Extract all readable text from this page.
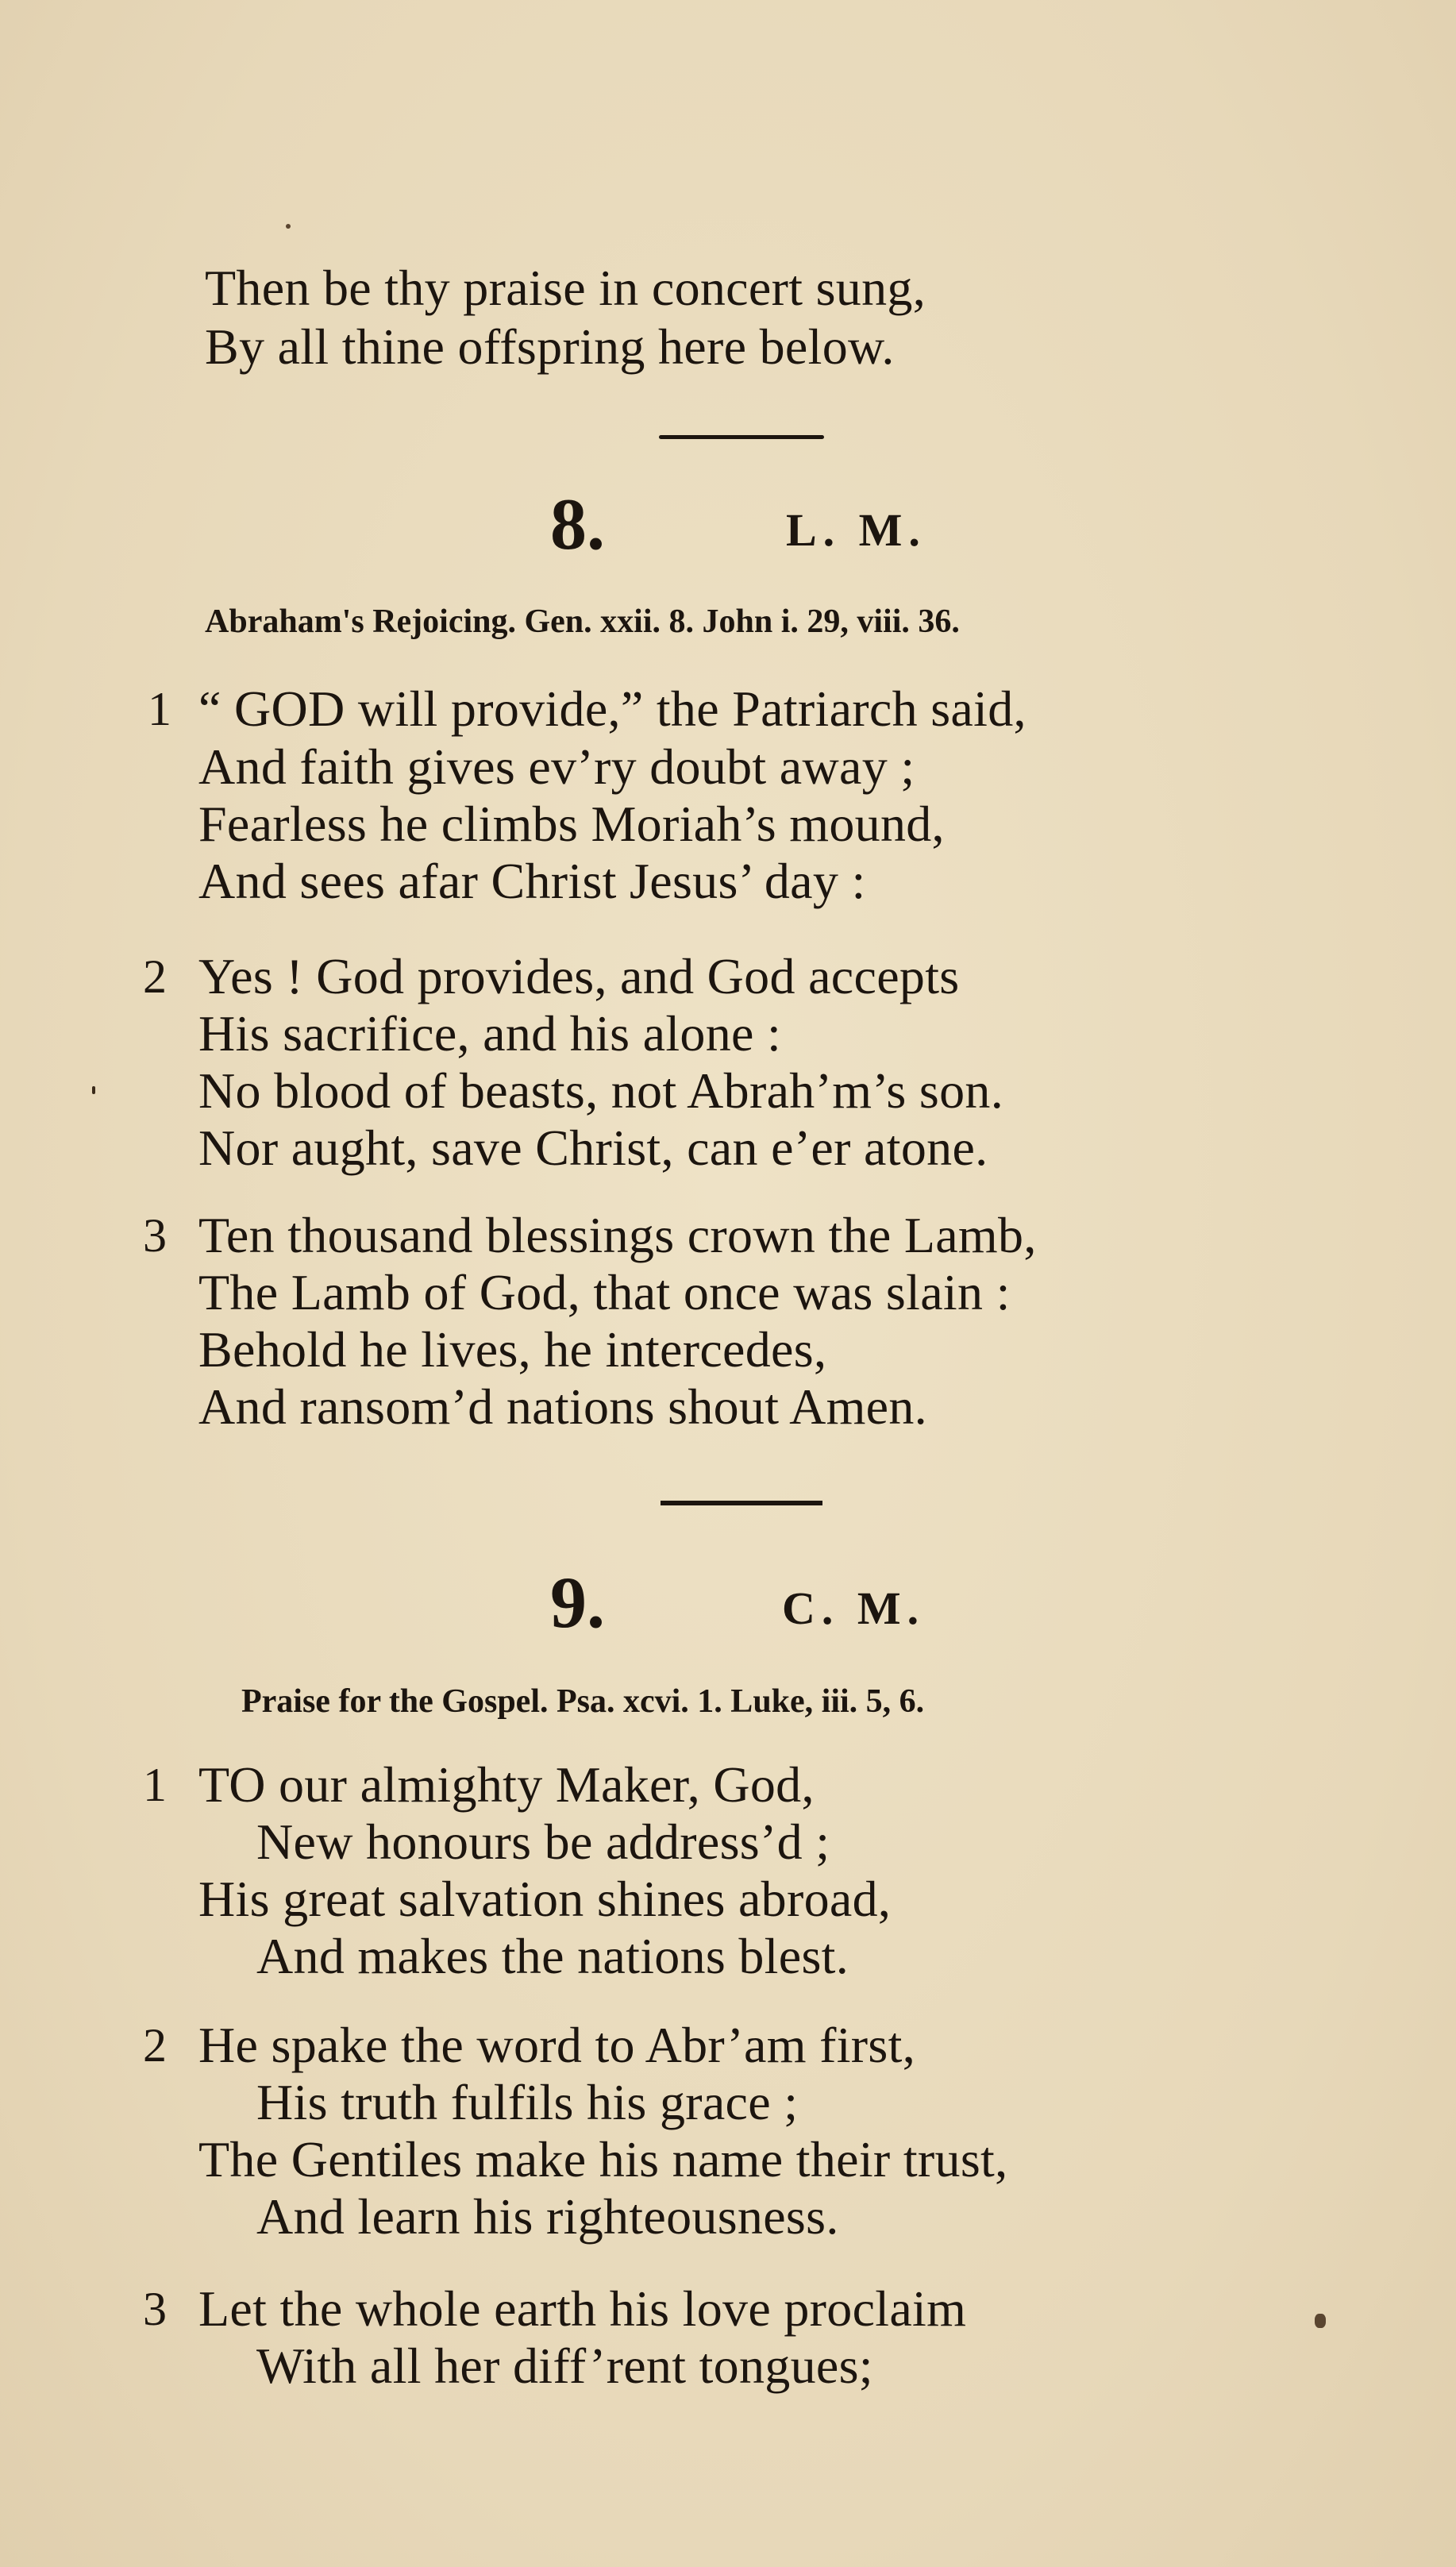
Then be thy praise in concert sung,
By all thine offspring here below.
8.	L. M.
Abraham's Rejoicing. Gen. xxii. 8. John i. 29, viii. 36.
1 “ GOD will provide,” the Patriarch said,
And faith gives ev’ry doubt away ;
Fearless he climbs Moriah’s mound,
And sees afar Christ Jesus’ day :
2 Yes ! God provides, and God accepts
His sacrifice, and his alone :
No blood of beasts, not Abrah’m’s son.
Nor aught, save Christ, can e’er atone.
3 Ten thousand blessings crown the Lamb,
The Lamb of God, that once was slain :
Behold he lives, he intercedes,
And ransom’d nations shout Amen.
9.	C. M.
Praise for the Gospel. Psa. xcvi. 1. Luke, iii. 5, 6.
1 TO our almighty Maker, God,
New honours be address’d ;
His great salvation shines abroad,
And makes the nations blest.
2 He spake the word to Abr’am first,
His truth fulfils his grace ;
The Gentiles make his name their trust,
And learn his righteousness.
3 Let the whole earth his love proclaim
With all her diff’rent tongues;
